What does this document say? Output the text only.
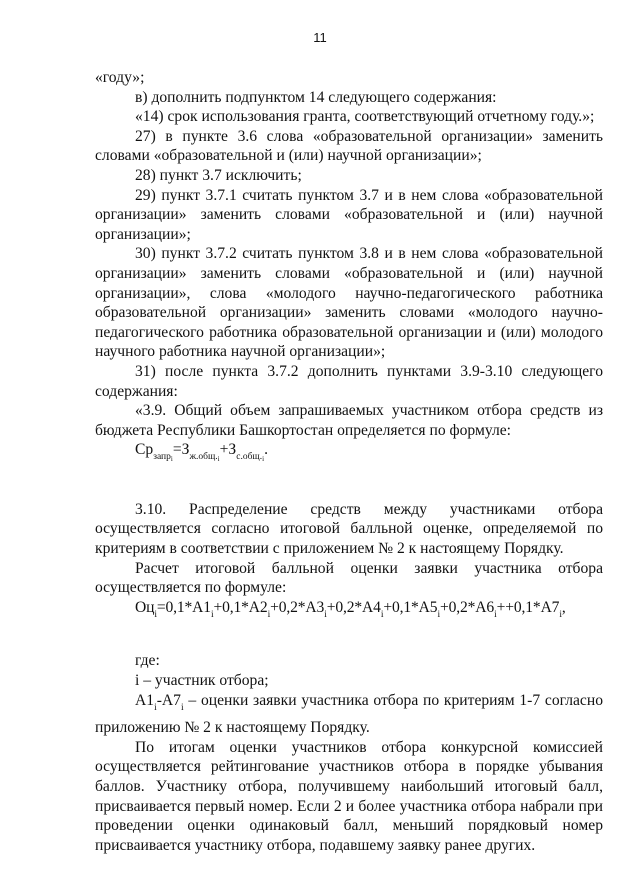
11

«году»;

в) дополнить подпунктом 14 следующего содержания:

«14) срок использования гранта, соответствующий отчетному году.»;

27) в пункте 3.6 слова «образовательной организации» заменить словами «образовательной и (или) научной организации»;

28) пункт 3.7 исключить;

29) пункт 3.7.1 считать пунктом 3.7 и в нем слова «образовательной организации» заменить словами «образовательной и (или) научной организации»;

30) пункт 3.7.2 считать пунктом 3.8 и в нем слова «образовательной организации» заменить словами «образовательной и (или) научной организации», слова «молодого научно-педагогического работника образовательной организации» заменить словами «молодого научно-педагогического работника образовательной организации и (или) молодого научного работника научной организации»;

31) после пункта 3.7.2 дополнить пунктами 3.9-3.10 следующего содержания:

«3.9. Общий объем запрашиваемых участником отбора средств из бюджета Республики Башкортостан определяется по формуле:

$Ср_{запр_i}=З_{ж.общ._i}+З_{с.общ._i}$.

3.10. Распределение средств между участниками отбора осуществляется согласно итоговой балльной оценке, определяемой по критериям в соответствии с приложением № 2 к настоящему Порядку.

Расчет итоговой балльной оценки заявки участника отбора осуществляется по формуле:

$Оц_i=0,1*А1_i+0,1*А2_i+0,2*А3_i+0,2*А4_i+0,1*А5_i+0,2*А6_i++0,1*А7_i$,

где:

i – участник отбора;

$А1_i-А7_i$ – оценки заявки участника отбора по критериям 1-7 согласно приложению № 2 к настоящему Порядку.

По итогам оценки участников отбора конкурсной комиссией осуществляется рейтингование участников отбора в порядке убывания баллов. Участнику отбора, получившему наибольший итоговый балл, присваивается первый номер. Если 2 и более участника отбора набрали при проведении оценки одинаковый балл, меньший порядковый номер присваивается участнику отбора, подавшему заявку ранее других.
